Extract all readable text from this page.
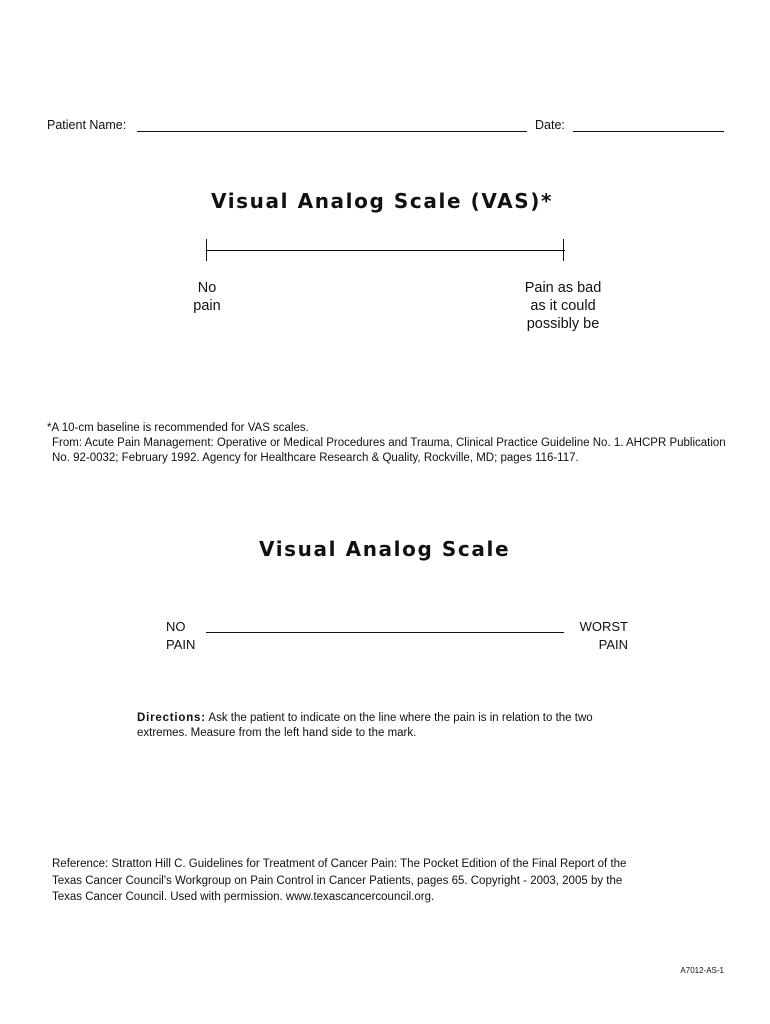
Patient Name:	Date:
Visual Analog Scale (VAS)*
No
pain
Pain as bad
as it could
possibly be
*A 10-cm baseline is recommended for VAS scales.
From: Acute Pain Management: Operative or Medical Procedures and Trauma, Clinical Practice Guideline No. 1. AHCPR Publication
No. 92-0032; February 1992. Agency for Healthcare Research & Quality, Rockville, MD; pages 116-117.
Visual Analog Scale
NO
PAIN
WORST
PAIN
Directions: Ask the patient to indicate on the line where the pain is in relation to the two
extremes. Measure from the left hand side to the mark.
Reference: Stratton Hill C. Guidelines for Treatment of Cancer Pain: The Pocket Edition of the Final Report of the
Texas Cancer Council's Workgroup on Pain Control in Cancer Patients, pages 65. Copyright - 2003, 2005 by the
Texas Cancer Council. Used with permission. www.texascancercouncil.org.
A7012-AS-1
